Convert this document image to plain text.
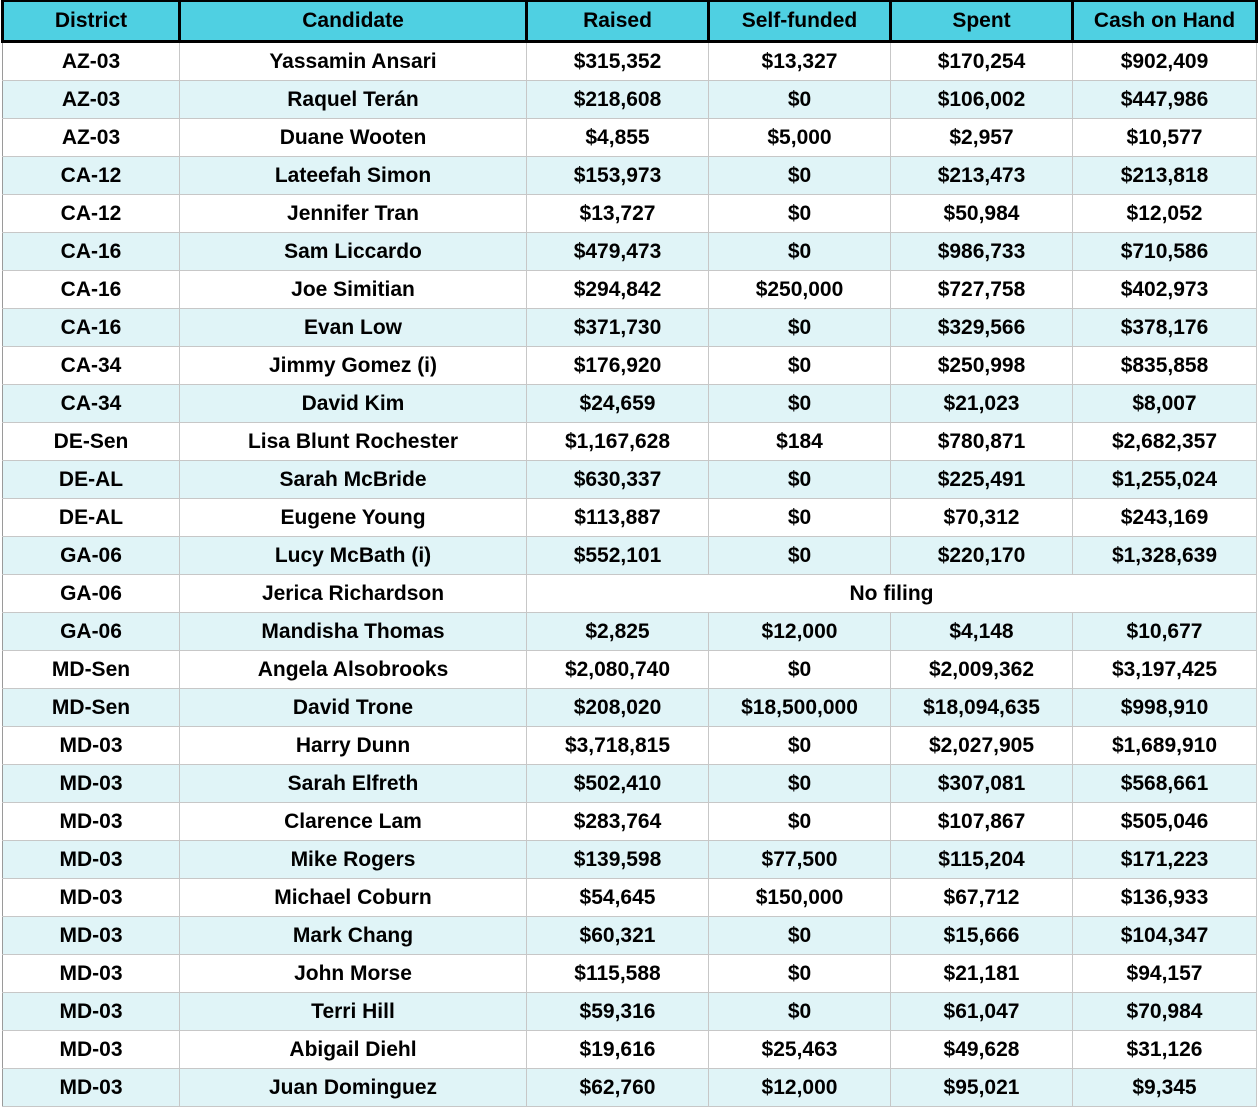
District	Candidate	Raised	Self-funded	Spent	Cash on Hand
AZ-03	Yassamin Ansari	$315,352	$13,327	$170,254	$902,409
AZ-03	Raquel Terán	$218,608	$0	$106,002	$447,986
AZ-03	Duane Wooten	$4,855	$5,000	$2,957	$10,577
CA-12	Lateefah Simon	$153,973	$0	$213,473	$213,818
CA-12	Jennifer Tran	$13,727	$0	$50,984	$12,052
CA-16	Sam Liccardo	$479,473	$0	$986,733	$710,586
CA-16	Joe Simitian	$294,842	$250,000	$727,758	$402,973
CA-16	Evan Low	$371,730	$0	$329,566	$378,176
CA-34	Jimmy Gomez (i)	$176,920	$0	$250,998	$835,858
CA-34	David Kim	$24,659	$0	$21,023	$8,007
DE-Sen	Lisa Blunt Rochester	$1,167,628	$184	$780,871	$2,682,357
DE-AL	Sarah McBride	$630,337	$0	$225,491	$1,255,024
DE-AL	Eugene Young	$113,887	$0	$70,312	$243,169
GA-06	Lucy McBath (i)	$552,101	$0	$220,170	$1,328,639
GA-06	Jerica Richardson	No filing			
GA-06	Mandisha Thomas	$2,825	$12,000	$4,148	$10,677
MD-Sen	Angela Alsobrooks	$2,080,740	$0	$2,009,362	$3,197,425
MD-Sen	David Trone	$208,020	$18,500,000	$18,094,635	$998,910
MD-03	Harry Dunn	$3,718,815	$0	$2,027,905	$1,689,910
MD-03	Sarah Elfreth	$502,410	$0	$307,081	$568,661
MD-03	Clarence Lam	$283,764	$0	$107,867	$505,046
MD-03	Mike Rogers	$139,598	$77,500	$115,204	$171,223
MD-03	Michael Coburn	$54,645	$150,000	$67,712	$136,933
MD-03	Mark Chang	$60,321	$0	$15,666	$104,347
MD-03	John Morse	$115,588	$0	$21,181	$94,157
MD-03	Terri Hill	$59,316	$0	$61,047	$70,984
MD-03	Abigail Diehl	$19,616	$25,463	$49,628	$31,126
MD-03	Juan Dominguez	$62,760	$12,000	$95,021	$9,345
